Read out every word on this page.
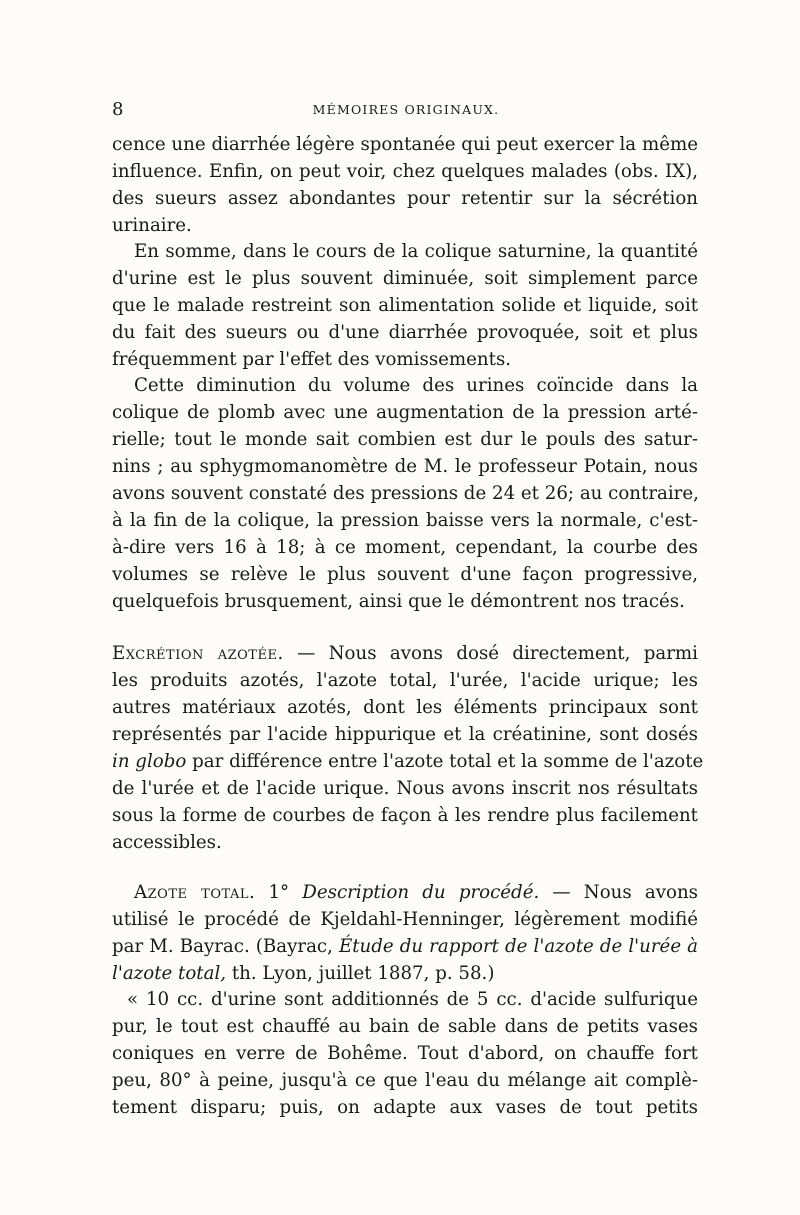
8	MÉMOIRES ORIGINAUX.
cence une diarrhée légère spontanée qui peut exercer la même
influence. Enfin, on peut voir, chez quelques malades (obs. IX),
des sueurs assez abondantes pour retentir sur la sécrétion
urinaire.
En somme, dans le cours de la colique saturnine, la quantité
d'urine est le plus souvent diminuée, soit simplement parce
que le malade restreint son alimentation solide et liquide, soit
du fait des sueurs ou d'une diarrhée provoquée, soit et plus
fréquemment par l'effet des vomissements.
Cette diminution du volume des urines coïncide dans la
colique de plomb avec une augmentation de la pression arté-
rielle; tout le monde sait combien est dur le pouls des satur-
nins ; au sphygmomanomètre de M. le professeur Potain, nous
avons souvent constaté des pressions de 24 et 26; au contraire,
à la fin de la colique, la pression baisse vers la normale, c'est-
à-dire vers 16 à 18; à ce moment, cependant, la courbe des
volumes se relève le plus souvent d'une façon progressive,
quelquefois brusquement, ainsi que le démontrent nos tracés.
Excrétion azotée. — Nous avons dosé directement, parmi
les produits azotés, l'azote total, l'urée, l'acide urique; les
autres matériaux azotés, dont les éléments principaux sont
représentés par l'acide hippurique et la créatinine, sont dosés
in globo par différence entre l'azote total et la somme de l'azote
de l'urée et de l'acide urique. Nous avons inscrit nos résultats
sous la forme de courbes de façon à les rendre plus facilement
accessibles.
Azote total. 1° Description du procédé. — Nous avons
utilisé le procédé de Kjeldahl-Henninger, légèrement modifié
par M. Bayrac. (Bayrac, Étude du rapport de l'azote de l'urée à
l'azote total, th. Lyon, juillet 1887, p. 58.)
« 10 cc. d'urine sont additionnés de 5 cc. d'acide sulfurique
pur, le tout est chauffé au bain de sable dans de petits vases
coniques en verre de Bohême. Tout d'abord, on chauffe fort
peu, 80° à peine, jusqu'à ce que l'eau du mélange ait complè-
tement disparu; puis, on adapte aux vases de tout petits
